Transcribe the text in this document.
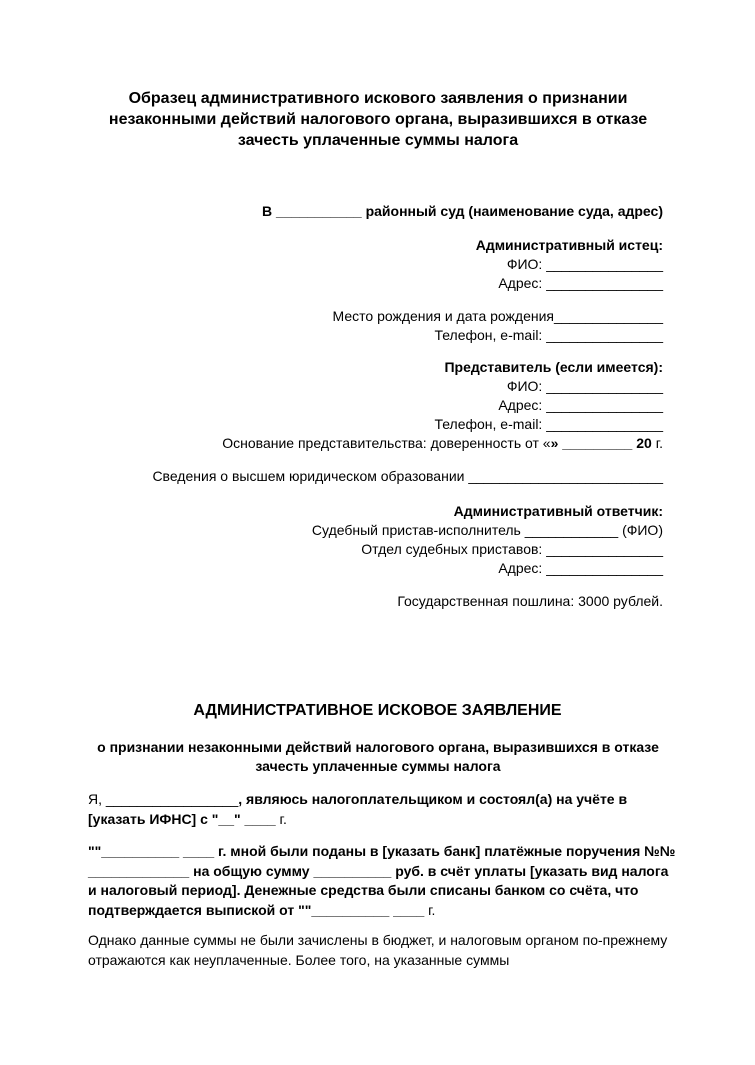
Образец административного искового заявления о признании
незаконными действий налогового органа, выразившихся в отказе
зачесть уплаченные суммы налога
В ___________ районный суд (наименование суда, адрес)
Административный истец:
ФИО: _______________
Адрес: _______________
Место рождения и дата рождения______________
Телефон, e-mail: _______________
Представитель (если имеется):
ФИО: _______________
Адрес: _______________
Телефон, e-mail: _______________
Основание представительства: доверенность от «» _________ 20 г.
Сведения о высшем юридическом образовании _________________________
Административный ответчик:
Судебный пристав-исполнитель ____________ (ФИО)
Отдел судебных приставов: _______________
Адрес: _______________
Государственная пошлина: 3000 рублей.
АДМИНИСТРАТИВНОЕ ИСКОВОЕ ЗАЯВЛЕНИЕ
о признании незаконными действий налогового органа, выразившихся в отказе
зачесть уплаченные суммы налога
Я, _________________, являюсь налогоплательщиком и состоял(а) на учёте в [указать ИФНС] с "__" ____ г.
""__________ ____ г. мной были поданы в [указать банк] платёжные поручения №№ _____________ на общую сумму __________ руб. в счёт уплаты [указать вид налога и налоговый период]. Денежные средства были списаны банком со счёта, что подтверждается выпиской от ""__________ ____ г.
Однако данные суммы не были зачислены в бюджет, и налоговым органом по-прежнему отражаются как неуплаченные. Более того, на указанные суммы
